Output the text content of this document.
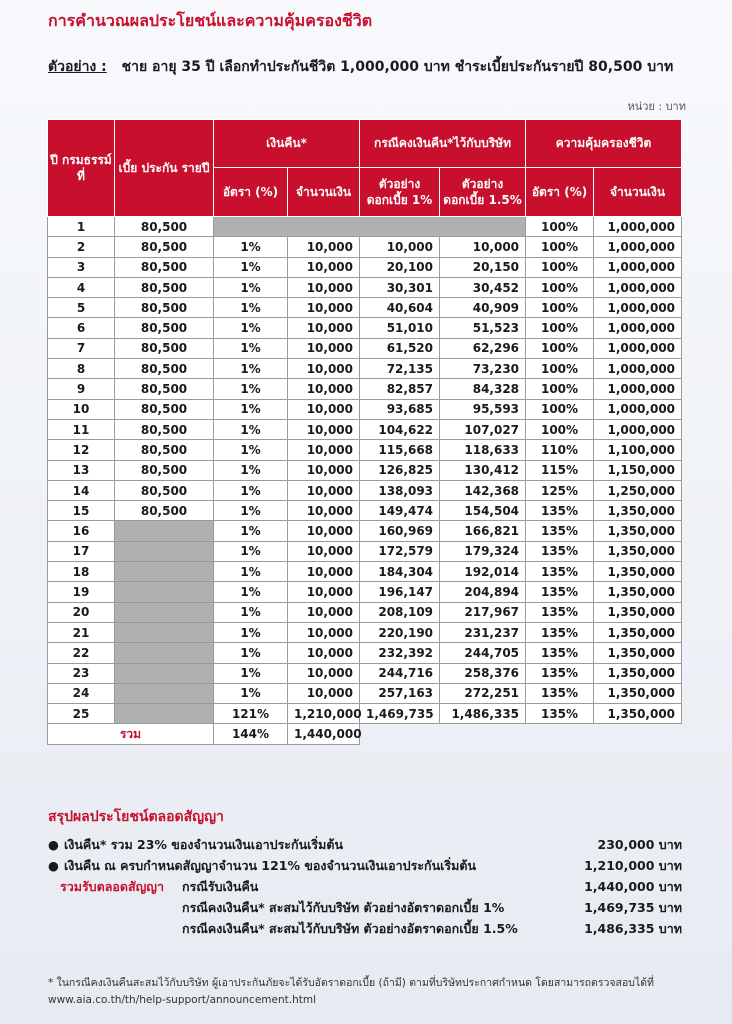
การคำนวณผลประโยชน์และความคุ้มครองชีวิต
ตัวอย่าง : ชาย อายุ 35 ปี เลือกทำประกันชีวิต 1,000,000 บาท ชำระเบี้ยประกันรายปี 80,500 บาท
หน่วย : บาท
ปี กรมธรรม์ ที่	เบี้ย ประกัน รายปี	เงินคืน*		กรณีคงเงินคืน*ไว้กับบริษัท		ความคุ้มครองชีวิต	
		อัตรา (%)	จำนวนเงิน	ตัวอย่าง ดอกเบี้ย 1%	ตัวอย่าง ดอกเบี้ย 1.5%	อัตรา (%)	จำนวนเงิน
1	80,500					100%	1,000,000
2	80,500	1%	10,000	10,000	10,000	100%	1,000,000
3	80,500	1%	10,000	20,100	20,150	100%	1,000,000
4	80,500	1%	10,000	30,301	30,452	100%	1,000,000
5	80,500	1%	10,000	40,604	40,909	100%	1,000,000
6	80,500	1%	10,000	51,010	51,523	100%	1,000,000
7	80,500	1%	10,000	61,520	62,296	100%	1,000,000
8	80,500	1%	10,000	72,135	73,230	100%	1,000,000
9	80,500	1%	10,000	82,857	84,328	100%	1,000,000
10	80,500	1%	10,000	93,685	95,593	100%	1,000,000
11	80,500	1%	10,000	104,622	107,027	100%	1,000,000
12	80,500	1%	10,000	115,668	118,633	110%	1,100,000
13	80,500	1%	10,000	126,825	130,412	115%	1,150,000
14	80,500	1%	10,000	138,093	142,368	125%	1,250,000
15	80,500	1%	10,000	149,474	154,504	135%	1,350,000
16		1%	10,000	160,969	166,821	135%	1,350,000
17		1%	10,000	172,579	179,324	135%	1,350,000
18		1%	10,000	184,304	192,014	135%	1,350,000
19		1%	10,000	196,147	204,894	135%	1,350,000
20		1%	10,000	208,109	217,967	135%	1,350,000
21		1%	10,000	220,190	231,237	135%	1,350,000
22		1%	10,000	232,392	244,705	135%	1,350,000
23		1%	10,000	244,716	258,376	135%	1,350,000
24		1%	10,000	257,163	272,251	135%	1,350,000
25		121%	1,210,000	1,469,735	1,486,335	135%	1,350,000
รวม		144%	1,440,000				
สรุปผลประโยชน์ตลอดสัญญา
● เงินคืน* รวม 23% ของจำนวนเงินเอาประกันเริ่มต้น	230,000 บาท
● เงินคืน ณ ครบกำหนดสัญญาจำนวน 121% ของจำนวนเงินเอาประกันเริ่มต้น	1,210,000 บาท
รวมรับตลอดสัญญา	กรณีรับเงินคืน	1,440,000 บาท
กรณีคงเงินคืน* สะสมไว้กับบริษัท ตัวอย่างอัตราดอกเบี้ย 1%	1,469,735 บาท
กรณีคงเงินคืน* สะสมไว้กับบริษัท ตัวอย่างอัตราดอกเบี้ย 1.5%	1,486,335 บาท
* ในกรณีคงเงินคืนสะสมไว้กับบริษัท ผู้เอาประกันภัยจะได้รับอัตราดอกเบี้ย (ถ้ามี) ตามที่บริษัทประกาศกำหนด โดยสามารถตรวจสอบได้ที่
www.aia.co.th/th/help-support/announcement.html
